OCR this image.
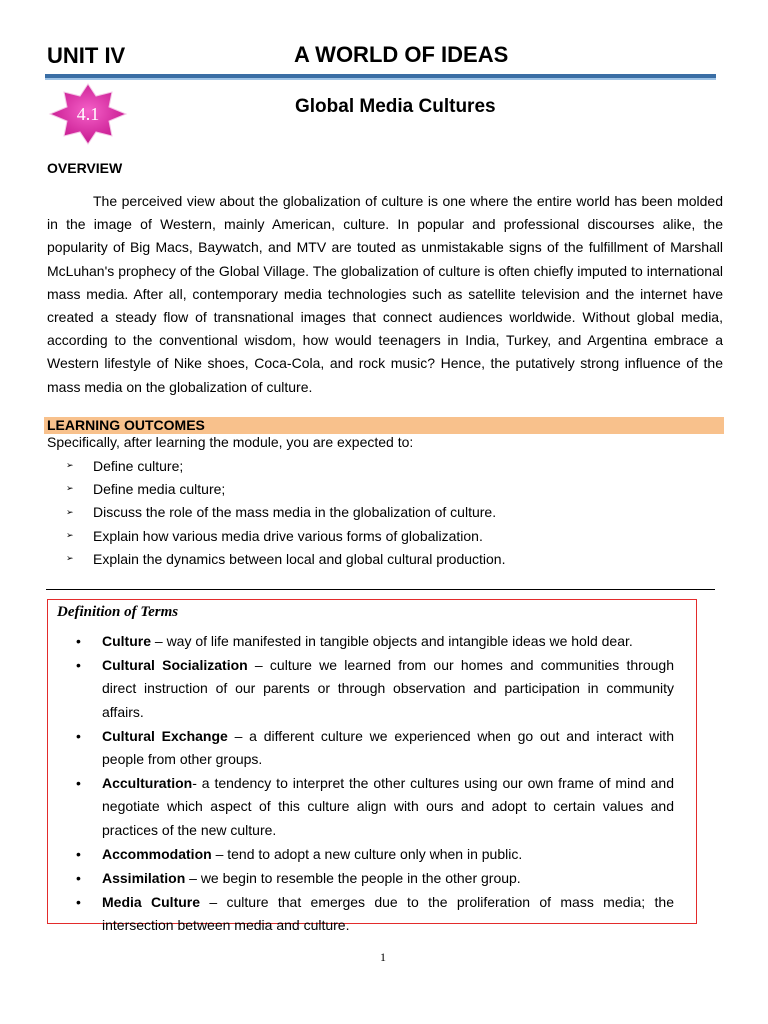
UNIT IV	A WORLD OF IDEAS
4.1	Global Media Cultures
OVERVIEW

The perceived view about the globalization of culture is one where the entire world has been molded in the image of Western, mainly American, culture. In popular and professional discourses alike, the popularity of Big Macs, Baywatch, and MTV are touted as unmistakable signs of the fulfillment of Marshall McLuhan's prophecy of the Global Village. The globalization of culture is often chiefly imputed to international mass media. After all, contemporary media technologies such as satellite television and the internet have created a steady flow of transnational images that connect audiences worldwide. Without global media, according to the conventional wisdom, how would teenagers in India, Turkey, and Argentina embrace a Western lifestyle of Nike shoes, Coca-Cola, and rock music? Hence, the putatively strong influence of the mass media on the globalization of culture.

LEARNING OUTCOMES
Specifically, after learning the module, you are expected to:
➢	Define culture;
➢	Define media culture;
➢	Discuss the role of the mass media in the globalization of culture.
➢	Explain how various media drive various forms of globalization.
➢	Explain the dynamics between local and global cultural production.
Definition of Terms
• Culture – way of life manifested in tangible objects and intangible ideas we hold dear.
• Cultural Socialization – culture we learned from our homes and communities through direct instruction of our parents or through observation and participation in community affairs.
• Cultural Exchange – a different culture we experienced when go out and interact with people from other groups.
• Acculturation- a tendency to interpret the other cultures using our own frame of mind and negotiate which aspect of this culture align with ours and adopt to certain values and practices of the new culture.
• Accommodation – tend to adopt a new culture only when in public.
• Assimilation – we begin to resemble the people in the other group.
• Media Culture – culture that emerges due to the proliferation of mass media; the intersection between media and culture.
1
